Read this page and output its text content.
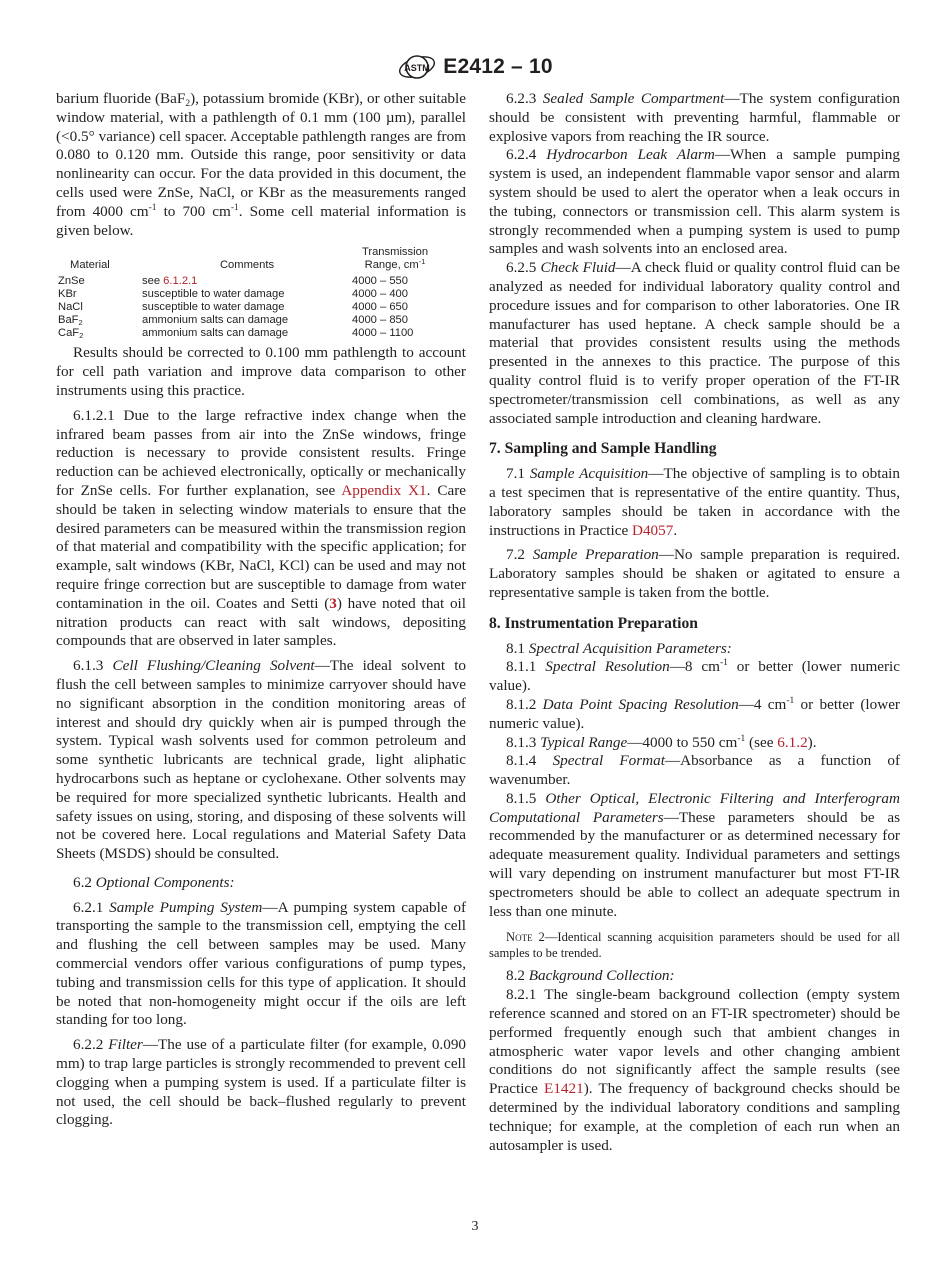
ASTM E2412 – 10

barium fluoride (BaF$_2$), potassium bromide (KBr), or other suitable window material, with a pathlength of 0.1 mm (100 µm), parallel (<0.5° variance) cell spacer. Acceptable pathlength ranges are from 0.080 to 0.120 mm. Outside this range, poor sensitivity or data nonlinearity can occur. For the data provided in this document, the cells used were ZnSe, NaCl, or KBr as the measurements ranged from 4000 $cm^{-1}$ to 700 $cm^{-1}$. Some cell material information is given below.

Material	Comments	Transmission
Range, $cm^{-1}$
ZnSe	see 6.1.2.1	4000 – 550
KBr	susceptible to water damage	4000 – 400
NaCl	susceptible to water damage	4000 – 650
BaF$_2$	ammonium salts can damage	4000 – 850
CaF$_2$	ammonium salts can damage	4000 – 1100

Results should be corrected to 0.100 mm pathlength to account for cell path variation and improve data comparison to other instruments using this practice.

6.1.2.1 Due to the large refractive index change when the infrared beam passes from air into the ZnSe windows, fringe reduction is necessary to provide consistent results. Fringe reduction can be achieved electronically, optically or mechanically for ZnSe cells. For further explanation, see Appendix X1. Care should be taken in selecting window materials to ensure that the desired parameters can be measured within the transmission region of that material and compatibility with the specific application; for example, salt windows (KBr, NaCl, KCl) can be used and may not require fringe correction but are susceptible to damage from water contamination in the oil. Coates and Setti (3) have noted that oil nitration products can react with salt windows, depositing compounds that are observed in later samples.

6.1.3 Cell Flushing/Cleaning Solvent—The ideal solvent to flush the cell between samples to minimize carryover should have no significant absorption in the condition monitoring areas of interest and should dry quickly when air is pumped through the system. Typical wash solvents used for common petroleum and some synthetic lubricants are technical grade, light aliphatic hydrocarbons such as heptane or cyclohexane. Other solvents may be required for more specialized synthetic lubricants. Health and safety issues on using, storing, and disposing of these solvents will not be covered here. Local regulations and Material Safety Data Sheets (MSDS) should be consulted.

6.2 Optional Components:

6.2.1 Sample Pumping System—A pumping system capable of transporting the sample to the transmission cell, emptying the cell and flushing the cell between samples may be used. Many commercial vendors offer various configurations of pump types, tubing and transmission cells for this type of application. It should be noted that non-homogeneity might occur if the oils are left standing for too long.

6.2.2 Filter—The use of a particulate filter (for example, 0.090 mm) to trap large particles is strongly recommended to prevent cell clogging when a pumping system is used. If a particulate filter is not used, the cell should be back–flushed regularly to prevent clogging.

6.2.3 Sealed Sample Compartment—The system configuration should be consistent with preventing harmful, flammable or explosive vapors from reaching the IR source.

6.2.4 Hydrocarbon Leak Alarm—When a sample pumping system is used, an independent flammable vapor sensor and alarm system should be used to alert the operator when a leak occurs in the tubing, connectors or transmission cell. This alarm system is strongly recommended when a pumping system is used to pump samples and wash solvents into an enclosed area.

6.2.5 Check Fluid—A check fluid or quality control fluid can be analyzed as needed for individual laboratory quality control and procedure issues and for comparison to other laboratories. One IR manufacturer has used heptane. A check sample should be a material that provides consistent results using the methods presented in the annexes to this practice. The purpose of this quality control fluid is to verify proper operation of the FT-IR spectrometer/transmission cell combinations, as well as any associated sample introduction and cleaning hardware.

7. Sampling and Sample Handling

7.1 Sample Acquisition—The objective of sampling is to obtain a test specimen that is representative of the entire quantity. Thus, laboratory samples should be taken in accordance with the instructions in Practice D4057.

7.2 Sample Preparation—No sample preparation is required. Laboratory samples should be shaken or agitated to ensure a representative sample is taken from the bottle.

8. Instrumentation Preparation

8.1 Spectral Acquisition Parameters:

8.1.1 Spectral Resolution—8 $cm^{-1}$ or better (lower numeric value).

8.1.2 Data Point Spacing Resolution—4 $cm^{-1}$ or better (lower numeric value).

8.1.3 Typical Range—4000 to 550 $cm^{-1}$ (see 6.1.2).

8.1.4 Spectral Format—Absorbance as a function of wavenumber.

8.1.5 Other Optical, Electronic Filtering and Interferogram Computational Parameters—These parameters should be as recommended by the manufacturer or as determined necessary for adequate measurement quality. Individual parameters and settings will vary depending on instrument manufacturer but most FT-IR spectrometers should be able to collect an adequate spectrum in less than one minute.

Note 2—Identical scanning acquisition parameters should be used for all samples to be trended.

8.2 Background Collection:

8.2.1 The single-beam background collection (empty system reference scanned and stored on an FT-IR spectrometer) should be performed frequently enough such that ambient changes in atmospheric water vapor levels and other changing ambient conditions do not significantly affect the sample results (see Practice E1421). The frequency of background checks should be determined by the individual laboratory conditions and sampling technique; for example, at the completion of each run when an autosampler is used.

3
